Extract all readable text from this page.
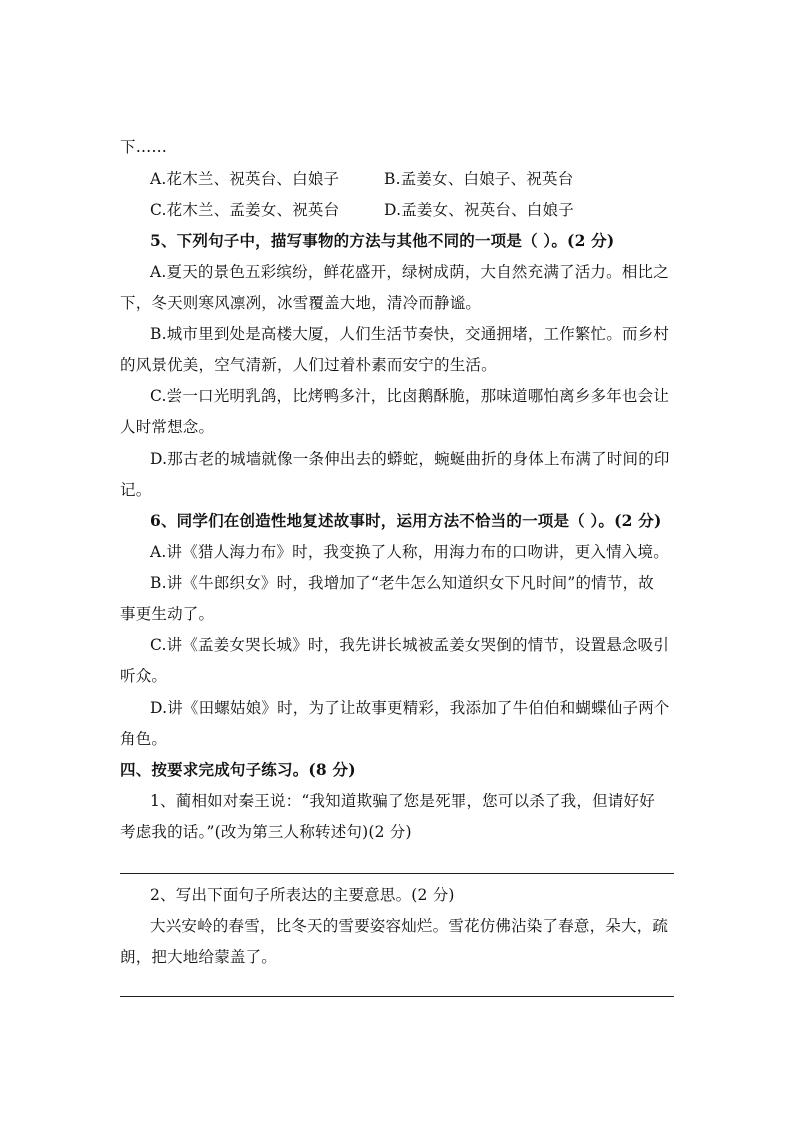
下……
A.花木兰、祝英台、白娘子	B.孟姜女、白娘子、祝英台
C.花木兰、孟姜女、祝英台	D.孟姜女、祝英台、白娘子
5、下列句子中，描写事物的方法与其他不同的一项是（ ）。(2 分)
A.夏天的景色五彩缤纷，鲜花盛开，绿树成荫，大自然充满了活力。相比之
下，冬天则寒风凛冽，冰雪覆盖大地，清冷而静谧。
B.城市里到处是高楼大厦，人们生活节奏快，交通拥堵，工作繁忙。而乡村
的风景优美，空气清新，人们过着朴素而安宁的生活。
C.尝一口光明乳鸽，比烤鸭多汁，比卤鹅酥脆，那味道哪怕离乡多年也会让
人时常想念。
D.那古老的城墙就像一条伸出去的蟒蛇，蜿蜒曲折的身体上布满了时间的印
记。
6、同学们在创造性地复述故事时，运用方法不恰当的一项是（ ）。(2 分)
A.讲《猎人海力布》时，我变换了人称，用海力布的口吻讲，更入情入境。
B.讲《牛郎织女》时，我增加了“老牛怎么知道织女下凡时间”的情节，故
事更生动了。
C.讲《孟姜女哭长城》时，我先讲长城被孟姜女哭倒的情节，设置悬念吸引
听众。
D.讲《田螺姑娘》时，为了让故事更精彩，我添加了牛伯伯和蝴蝶仙子两个
角色。
四、按要求完成句子练习。(8 分)
1、蔺相如对秦王说：“我知道欺骗了您是死罪，您可以杀了我，但请好好
考虑我的话。”(改为第三人称转述句)(2 分)
2、写出下面句子所表达的主要意思。(2 分)
大兴安岭的春雪，比冬天的雪要姿容灿烂。雪花仿佛沾染了春意，朵大，疏
朗，把大地给蒙盖了。
